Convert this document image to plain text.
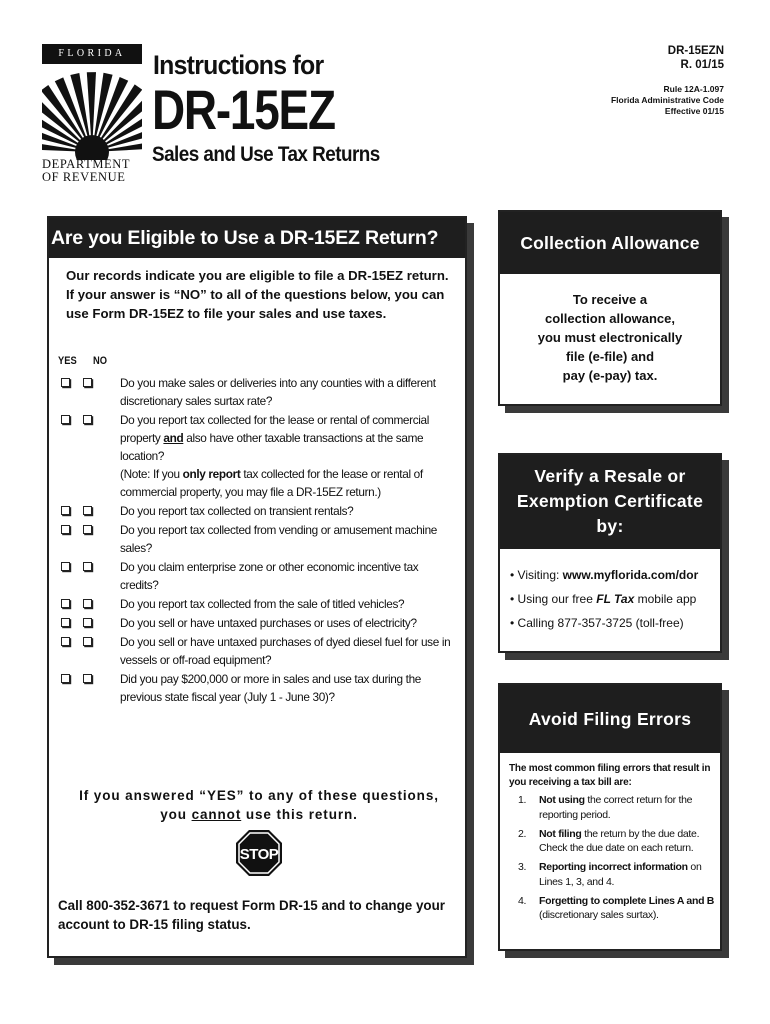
FLORIDA
DEPARTMENT
OF REVENUE
Instructions for
DR-15EZ
Sales and Use Tax Returns
DR-15EZN
R. 01/15
Rule 12A-1.097
Florida Administrative Code
Effective 01/15
Are you Eligible to Use a DR-15EZ Return?
Our records indicate you are eligible to file a DR-15EZ return. If your answer is “NO” to all of the questions below, you can use Form DR-15EZ to file your sales and use taxes.
YES NO
Do you make sales or deliveries into any counties with a different discretionary sales surtax rate?
Do you report tax collected for the lease or rental of commercial property and also have other taxable transactions at the same location?
(Note: If you only report tax collected for the lease or rental of commercial property, you may file a DR-15EZ return.)
Do you report tax collected on transient rentals?
Do you report tax collected from vending or amusement machine sales?
Do you claim enterprise zone or other economic incentive tax credits?
Do you report tax collected from the sale of titled vehicles?
Do you sell or have untaxed purchases or uses of electricity?
Do you sell or have untaxed purchases of dyed diesel fuel for use in vessels or off-road equipment?
Did you pay $200,000 or more in sales and use tax during the previous state fiscal year (July 1 - June 30)?
If you answered “YES” to any of these questions, you cannot use this return.
STOP
Call 800-352-3671 to request Form DR-15 and to change your account to DR-15 filing status.
Collection Allowance
To receive a
collection allowance,
you must electronically
file (e-file) and
pay (e-pay) tax.
Verify a Resale or
Exemption Certificate
by:
• Visiting: www.myflorida.com/dor
• Using our free FL Tax mobile app
• Calling 877-357-3725 (toll-free)
Avoid Filing Errors
The most common filing errors that result in you receiving a tax bill are:
1. Not using the correct return for the reporting period.
2. Not filing the return by the due date. Check the due date on each return.
3. Reporting incorrect information on Lines 1, 3, and 4.
4. Forgetting to complete Lines A and B (discretionary sales surtax).
